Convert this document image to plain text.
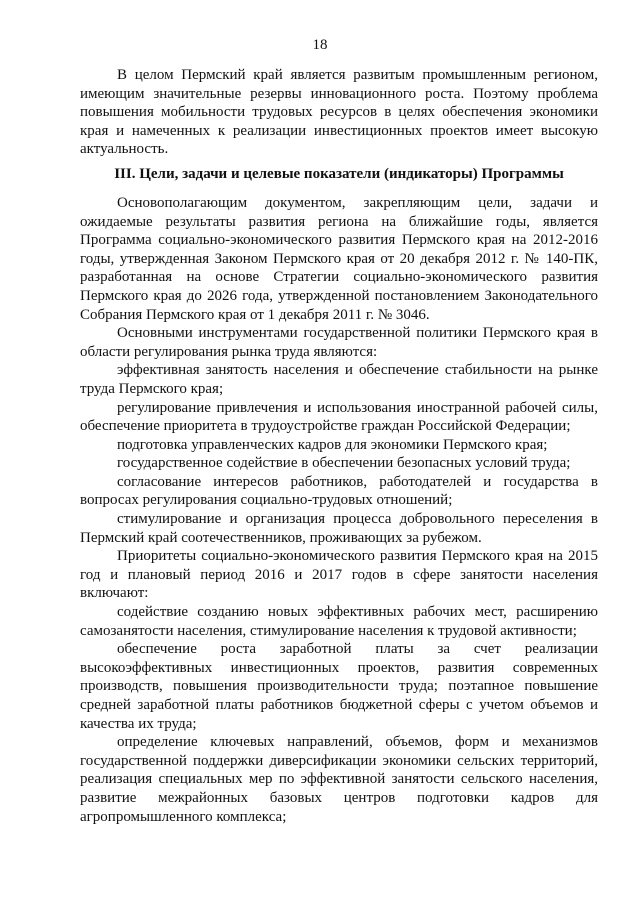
18

В целом Пермский край является развитым промышленным регионом, имеющим значительные резервы инновационного роста. Поэтому проблема повышения мобильности трудовых ресурсов в целях обеспечения экономики края и намеченных к реализации инвестиционных проектов имеет высокую актуальность.

III. Цели, задачи и целевые показатели (индикаторы) Программы

Основополагающим документом, закрепляющим цели, задачи и ожидаемые результаты развития региона на ближайшие годы, является Программа социально-экономического развития Пермского края на 2012-2016 годы, утвержденная Законом Пермского края от 20 декабря 2012 г. № 140-ПК, разработанная на основе Стратегии социально-экономического развития Пермского края до 2026 года, утвержденной постановлением Законодательного Собрания Пермского края от 1 декабря 2011 г. № 3046.

Основными инструментами государственной политики Пермского края в области регулирования рынка труда являются:

эффективная занятость населения и обеспечение стабильности на рынке труда Пермского края;

регулирование привлечения и использования иностранной рабочей силы, обеспечение приоритета в трудоустройстве граждан Российской Федерации;

подготовка управленческих кадров для экономики Пермского края;

государственное содействие в обеспечении безопасных условий труда;

согласование интересов работников, работодателей и государства в вопросах регулирования социально-трудовых отношений;

стимулирование и организация процесса добровольного переселения в Пермский край соотечественников, проживающих за рубежом.

Приоритеты социально-экономического развития Пермского края на 2015 год и плановый период 2016 и 2017 годов в сфере занятости населения включают:

содействие созданию новых эффективных рабочих мест, расширению самозанятости населения, стимулирование населения к трудовой активности;

обеспечение роста заработной платы за счет реализации высокоэффективных инвестиционных проектов, развития современных производств, повышения производительности труда; поэтапное повышение средней заработной платы работников бюджетной сферы с учетом объемов и качества их труда;

определение ключевых направлений, объемов, форм и механизмов государственной поддержки диверсификации экономики сельских территорий, реализация специальных мер по эффективной занятости сельского населения, развитие межрайонных базовых центров подготовки кадров для агропромышленного комплекса;
